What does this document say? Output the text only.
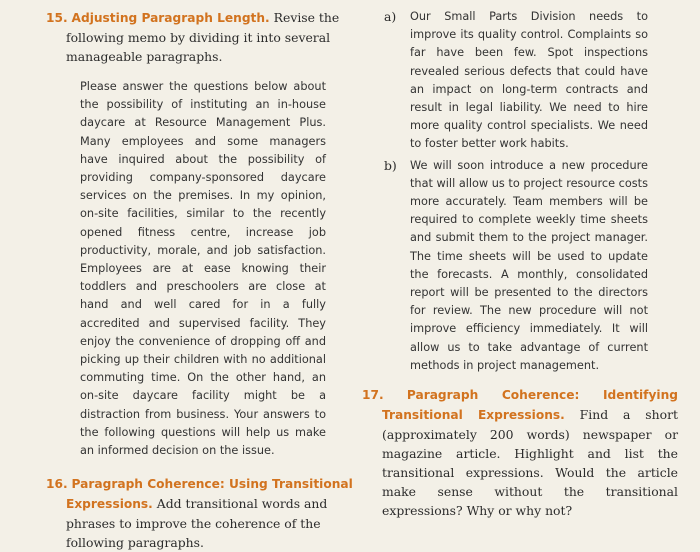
15. Adjusting Paragraph Length. Revise the following memo by dividing it into several manageable paragraphs.

Please answer the questions below about the possibility of instituting an in-house daycare at Resource Management Plus. Many employees and some managers have inquired about the possibility of providing company-sponsored daycare services on the premises. In my opinion, on-site facilities, similar to the recently opened fitness centre, increase job productivity, morale, and job satisfaction. Employees are at ease knowing their toddlers and preschoolers are close at hand and well cared for in a fully accredited and supervised facility. They enjoy the convenience of dropping off and picking up their children with no additional commuting time. On the other hand, an on-site daycare facility might be a distraction from business. Your answers to the following questions will help us make an informed decision on the issue.

16. Paragraph Coherence: Using Transitional Expressions. Add transitional words and phrases to improve the coherence of the following paragraphs.

a)	Our Small Parts Division needs to improve its quality control. Complaints so far have been few. Spot inspections revealed serious defects that could have an impact on long-term contracts and result in legal liability. We need to hire more quality control specialists. We need to foster better work habits.

b)	We will soon introduce a new procedure that will allow us to project resource costs more accurately. Team members will be required to complete weekly time sheets and submit them to the project manager. The time sheets will be used to update the forecasts. A monthly, consolidated report will be presented to the directors for review. The new procedure will not improve efficiency immediately. It will allow us to take advantage of current methods in project management.

17. Paragraph Coherence: Identifying Transitional Expressions. Find a short (approximately 200 words) newspaper or magazine article. Highlight and list the transitional expressions. Would the article make sense without the transitional expressions? Why or why not?
